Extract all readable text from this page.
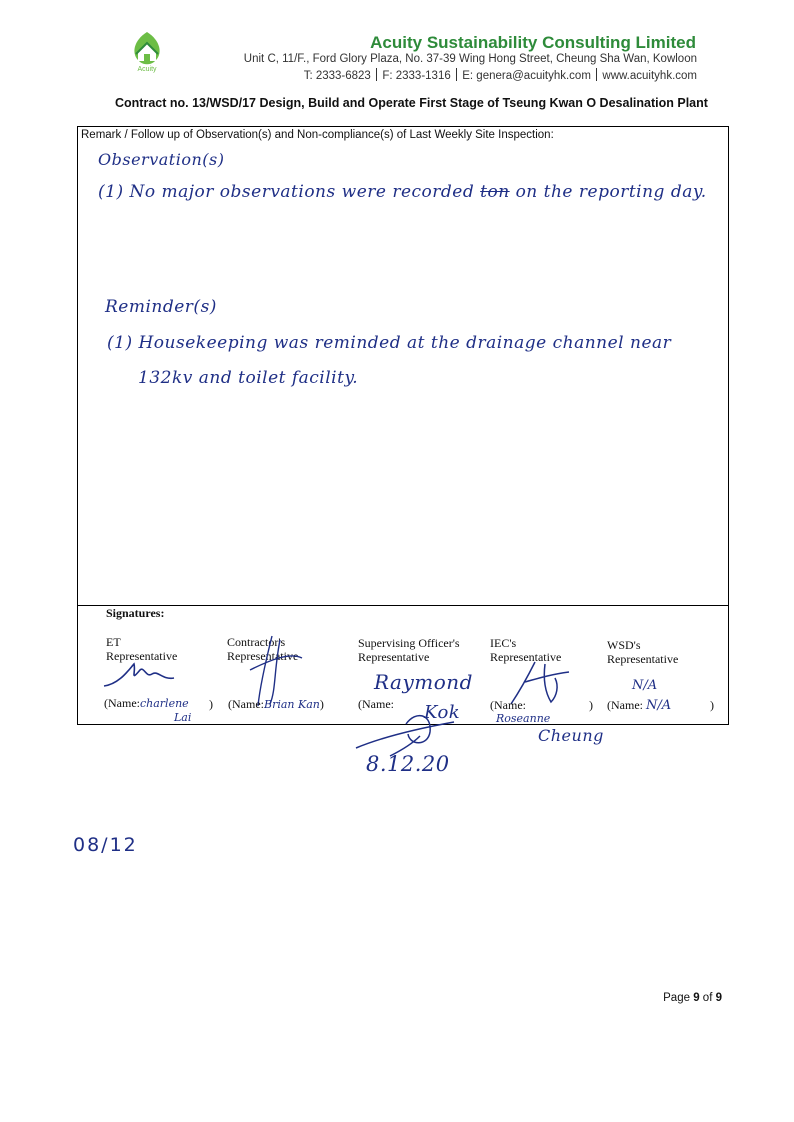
Acuity
Acuity Sustainability Consulting Limited
Unit C, 11/F., Ford Glory Plaza, No. 37-39 Wing Hong Street, Cheung Sha Wan, Kowloon
T: 2333-6823 F: 2333-1316 E: genera@acuityhk.com www.acuityhk.com
Contract no. 13/WSD/17 Design, Build and Operate First Stage of Tseung Kwan O Desalination Plant
Remark / Follow up of Observation(s) and Non-compliance(s) of Last Weekly Site Inspection:
Observation(s)
(1) No major observations were recorded ton on the reporting day.
Reminder(s)
(1) Housekeeping was reminded at the drainage channel near
132kv and toilet facility.
Signatures:
ET
Representative
(Name:charlene
Lai
)
Contractor's
Representative
(Name:Brian Kan)
Supervising Officer's
Representative
Raymond
Kok
(Name:
IEC's
Representative
(Name:
Roseanne
Cheung
)
WSD's
Representative
N/A
(Name: N/A	)
8.12.20
08/12
Page 9 of 9
